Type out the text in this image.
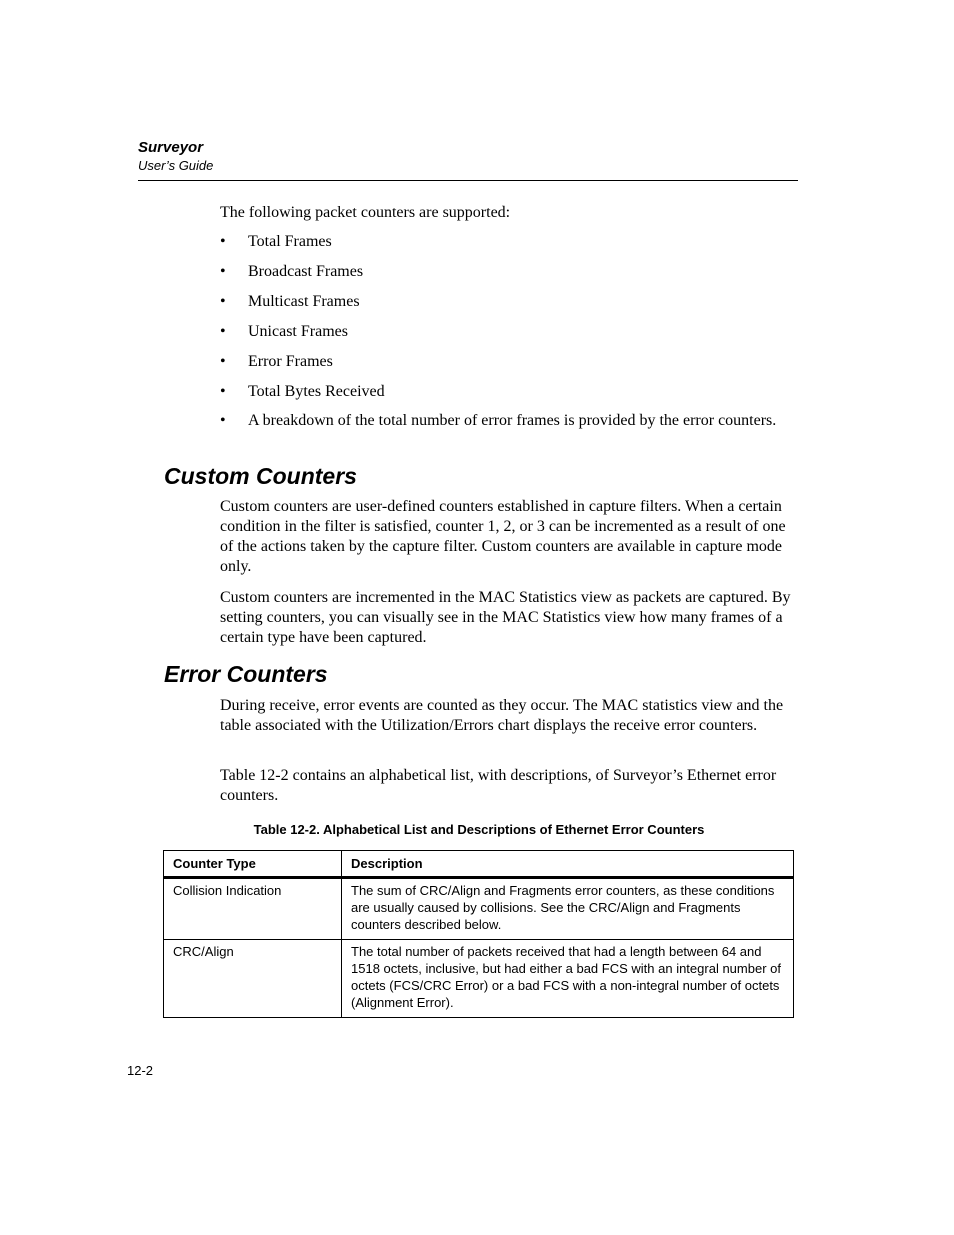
Surveyor
User’s Guide
The following packet counters are supported:
• Total Frames
• Broadcast Frames
• Multicast Frames
• Unicast Frames
• Error Frames
• Total Bytes Received
• A breakdown of the total number of error frames is provided by the error counters.
Custom Counters

Custom counters are user-defined counters established in capture filters. When a certain condition in the filter is satisfied, counter 1, 2, or 3 can be incremented as a result of one of the actions taken by the capture filter. Custom counters are available in capture mode only.

Custom counters are incremented in the MAC Statistics view as packets are captured. By setting counters, you can visually see in the MAC Statistics view how many frames of a certain type have been captured.

Error Counters

During receive, error events are counted as they occur. The MAC statistics view and the table associated with the Utilization/Errors chart displays the receive error counters.

Table 12-2 contains an alphabetical list, with descriptions, of Surveyor’s Ethernet error counters.

Table 12-2. Alphabetical List and Descriptions of Ethernet Error Counters
Counter Type	Description
Collision Indication	The sum of CRC/Align and Fragments error counters, as these conditions are usually caused by collisions. See the CRC/Align and Fragments counters described below.
CRC/Align	The total number of packets received that had a length between 64 and 1518 octets, inclusive, but had either a bad FCS with an integral number of octets (FCS/CRC Error) or a bad FCS with a non-integral number of octets (Alignment Error).
12-2
